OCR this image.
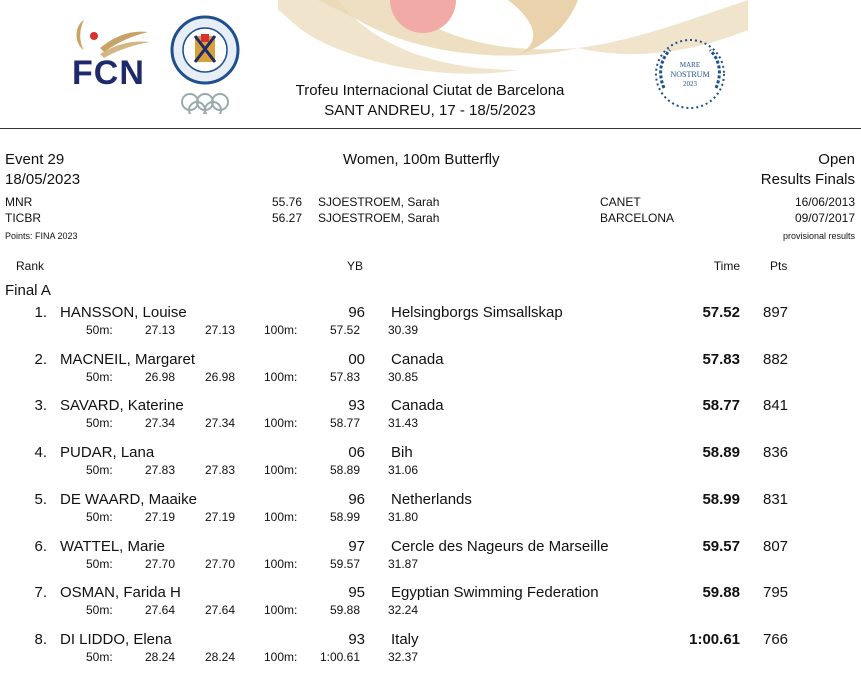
FCN	MARE
NOSTRUM
2023
Trofeu Internacional Ciutat de Barcelona
SANT ANDREU, 17 - 18/5/2023
Event 29
18/05/2023
Women, 100m Butterfly	Open
Results Finals
MNR	55.76 SJOESTROEM, Sarah	CANET	16/06/2013
TICBR	56.27 SJOESTROEM, Sarah	BARCELONA	09/07/2017
Points: FINA 2023	provisional results
Rank	YB	Time	Pts
Final A
1. HANSSON, Louise	96 Helsingborgs Simsallskap	57.52 897
50m:	27.13	27.13 100m:	57.52 30.39
2. MACNEIL, Margaret	00 Canada	57.83 882
50m:	26.98	26.98 100m:	57.83 30.85
3. SAVARD, Katerine	93 Canada	58.77 841
50m:	27.34	27.34 100m:	58.77 31.43
4. PUDAR, Lana	06 Bih	58.89 836
50m:	27.83	27.83 100m:	58.89 31.06
5. DE WAARD, Maaike	96 Netherlands	58.99 831
50m:	27.19	27.19 100m:	58.99 31.80
6. WATTEL, Marie	97 Cercle des Nageurs de Marseille	59.57 807
50m:	27.70	27.70 100m:	59.57 31.87
7. OSMAN, Farida H	95 Egyptian Swimming Federation	59.88 795
50m:	27.64	27.64 100m:	59.88 32.24
8. DI LIDDO, Elena	93 Italy	1:00.61 766
50m:	28.24	28.24 100m:	1:00.61 32.37
